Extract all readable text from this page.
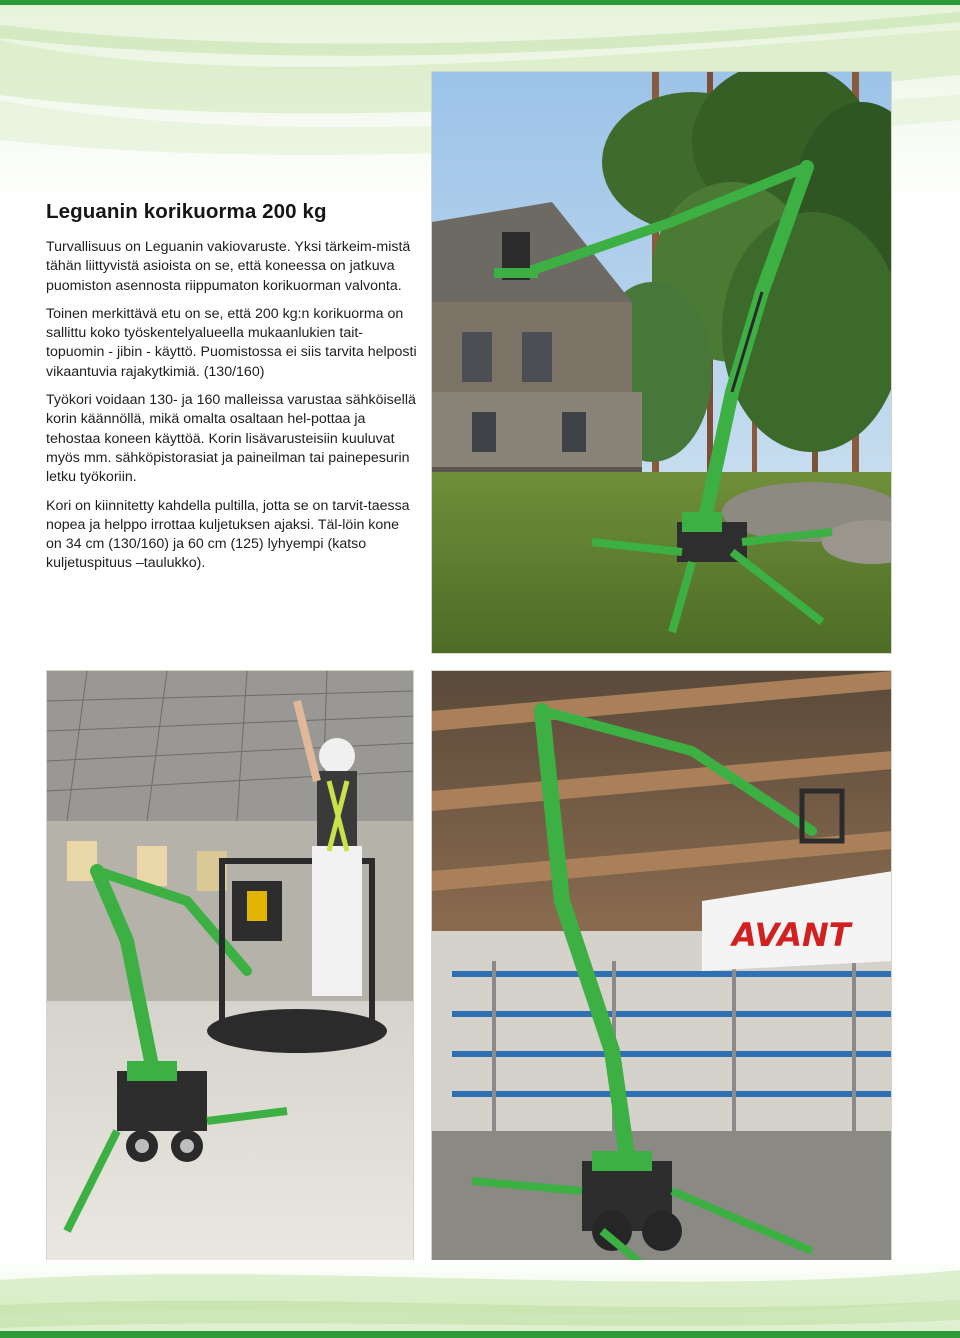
Leguanin korikuorma 200 kg

Turvallisuus on Leguanin vakiovaruste. Yksi tärkeim-mistä tähän liittyvistä asioista on se, että koneessa on jatkuva puomiston asennosta riippumaton korikuorman valvonta.

Toinen merkittävä etu on se, että 200 kg:n korikuorma on sallittu koko työskentelyalueella mukaanlukien tait-topuomin - jibin - käyttö. Puomistossa ei siis tarvita helposti vikaantuvia rajakytkimiä. (130/160)

Työkori voidaan 130- ja 160 malleissa varustaa sähköisellä korin käännöllä, mikä omalta osaltaan hel-pottaa ja tehostaa koneen käyttöä. Korin lisävarusteisiin kuuluvat myös mm. sähköpistorasiat ja paineilman tai painepesurin letku työkoriin.

Kori on kiinnitetty kahdella pultilla, jotta se on tarvit-taessa nopea ja helppo irrottaa kuljetuksen ajaksi. Täl-löin kone on 34 cm (130/160) ja 60 cm (125) lyhyempi (katso kuljetuspituus –taulukko).

AVANT
